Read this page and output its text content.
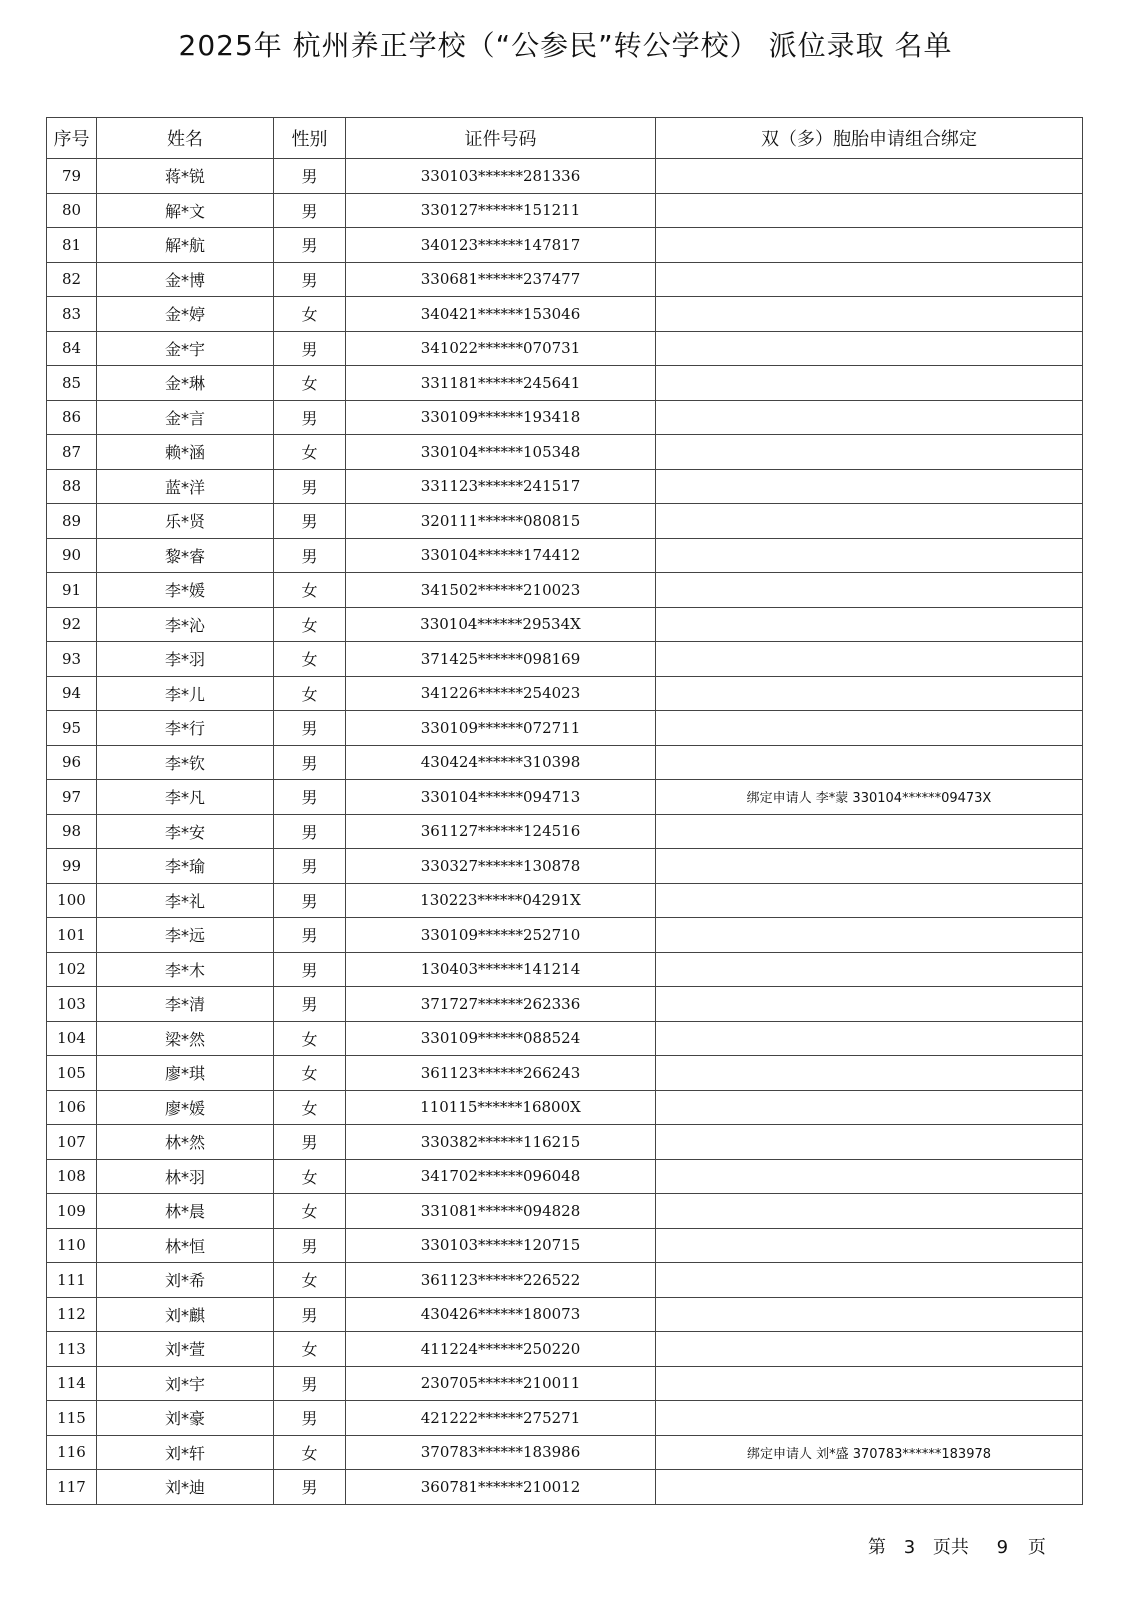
2025年 杭州养正学校（“公参民”转公学校） 派位录取 名单
序号	姓名	性别	证件号码	双（多）胞胎申请组合绑定
79	蒋*锐	男	330103******281336	
80	解*文	男	330127******151211	
81	解*航	男	340123******147817	
82	金*博	男	330681******237477	
83	金*婷	女	340421******153046	
84	金*宇	男	341022******070731	
85	金*琳	女	331181******245641	
86	金*言	男	330109******193418	
87	赖*涵	女	330104******105348	
88	蓝*洋	男	331123******241517	
89	乐*贤	男	320111******080815	
90	黎*睿	男	330104******174412	
91	李*媛	女	341502******210023	
92	李*沁	女	330104******29534X	
93	李*羽	女	371425******098169	
94	李*儿	女	341226******254023	
95	李*行	男	330109******072711	
96	李*钦	男	430424******310398	
97	李*凡	男	330104******094713	绑定申请人 李*蒙 330104******09473X
98	李*安	男	361127******124516	
99	李*瑜	男	330327******130878	
100	李*礼	男	130223******04291X	
101	李*远	男	330109******252710	
102	李*木	男	130403******141214	
103	李*清	男	371727******262336	
104	梁*然	女	330109******088524	
105	廖*琪	女	361123******266243	
106	廖*媛	女	110115******16800X	
107	林*然	男	330382******116215	
108	林*羽	女	341702******096048	
109	林*晨	女	331081******094828	
110	林*恒	男	330103******120715	
111	刘*希	女	361123******226522	
112	刘*麒	男	430426******180073	
113	刘*萱	女	411224******250220	
114	刘*宇	男	230705******210011	
115	刘*豪	男	421222******275271	
116	刘*轩	女	370783******183986	绑定申请人 刘*盛 370783******183978
117	刘*迪	男	360781******210012	
第 3 页共 9 页
